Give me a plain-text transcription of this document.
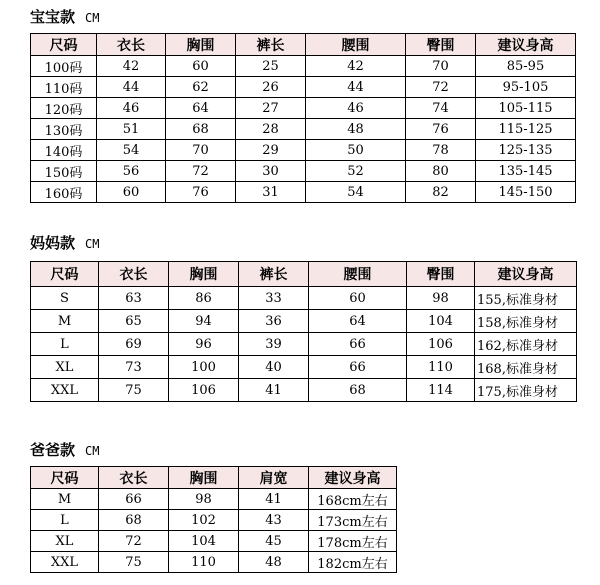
宝宝款 CM
尺码	衣长	胸围	裤长	腰围	臀围	建议身高
100码	42	60	25	42	70	85-95
110码	44	62	26	44	72	95-105
120码	46	64	27	46	74	105-115
130码	51	68	28	48	76	115-125
140码	54	70	29	50	78	125-135
150码	56	72	30	52	80	135-145
160码	60	76	31	54	82	145-150
妈妈款 CM
尺码	衣长	胸围	裤长	腰围	臀围	建议身高
S	63	86	33	60	98	155,标准身材
M	65	94	36	64	104	158,标准身材
L	69	96	39	66	106	162,标准身材
XL	73	100	40	66	110	168,标准身材
XXL	75	106	41	68	114	175,标准身材
爸爸款 CM
尺码	衣长	胸围	肩宽	建议身高
M	66	98	41	168cm左右
L	68	102	43	173cm左右
XL	72	104	45	178cm左右
XXL	75	110	48	182cm左右
